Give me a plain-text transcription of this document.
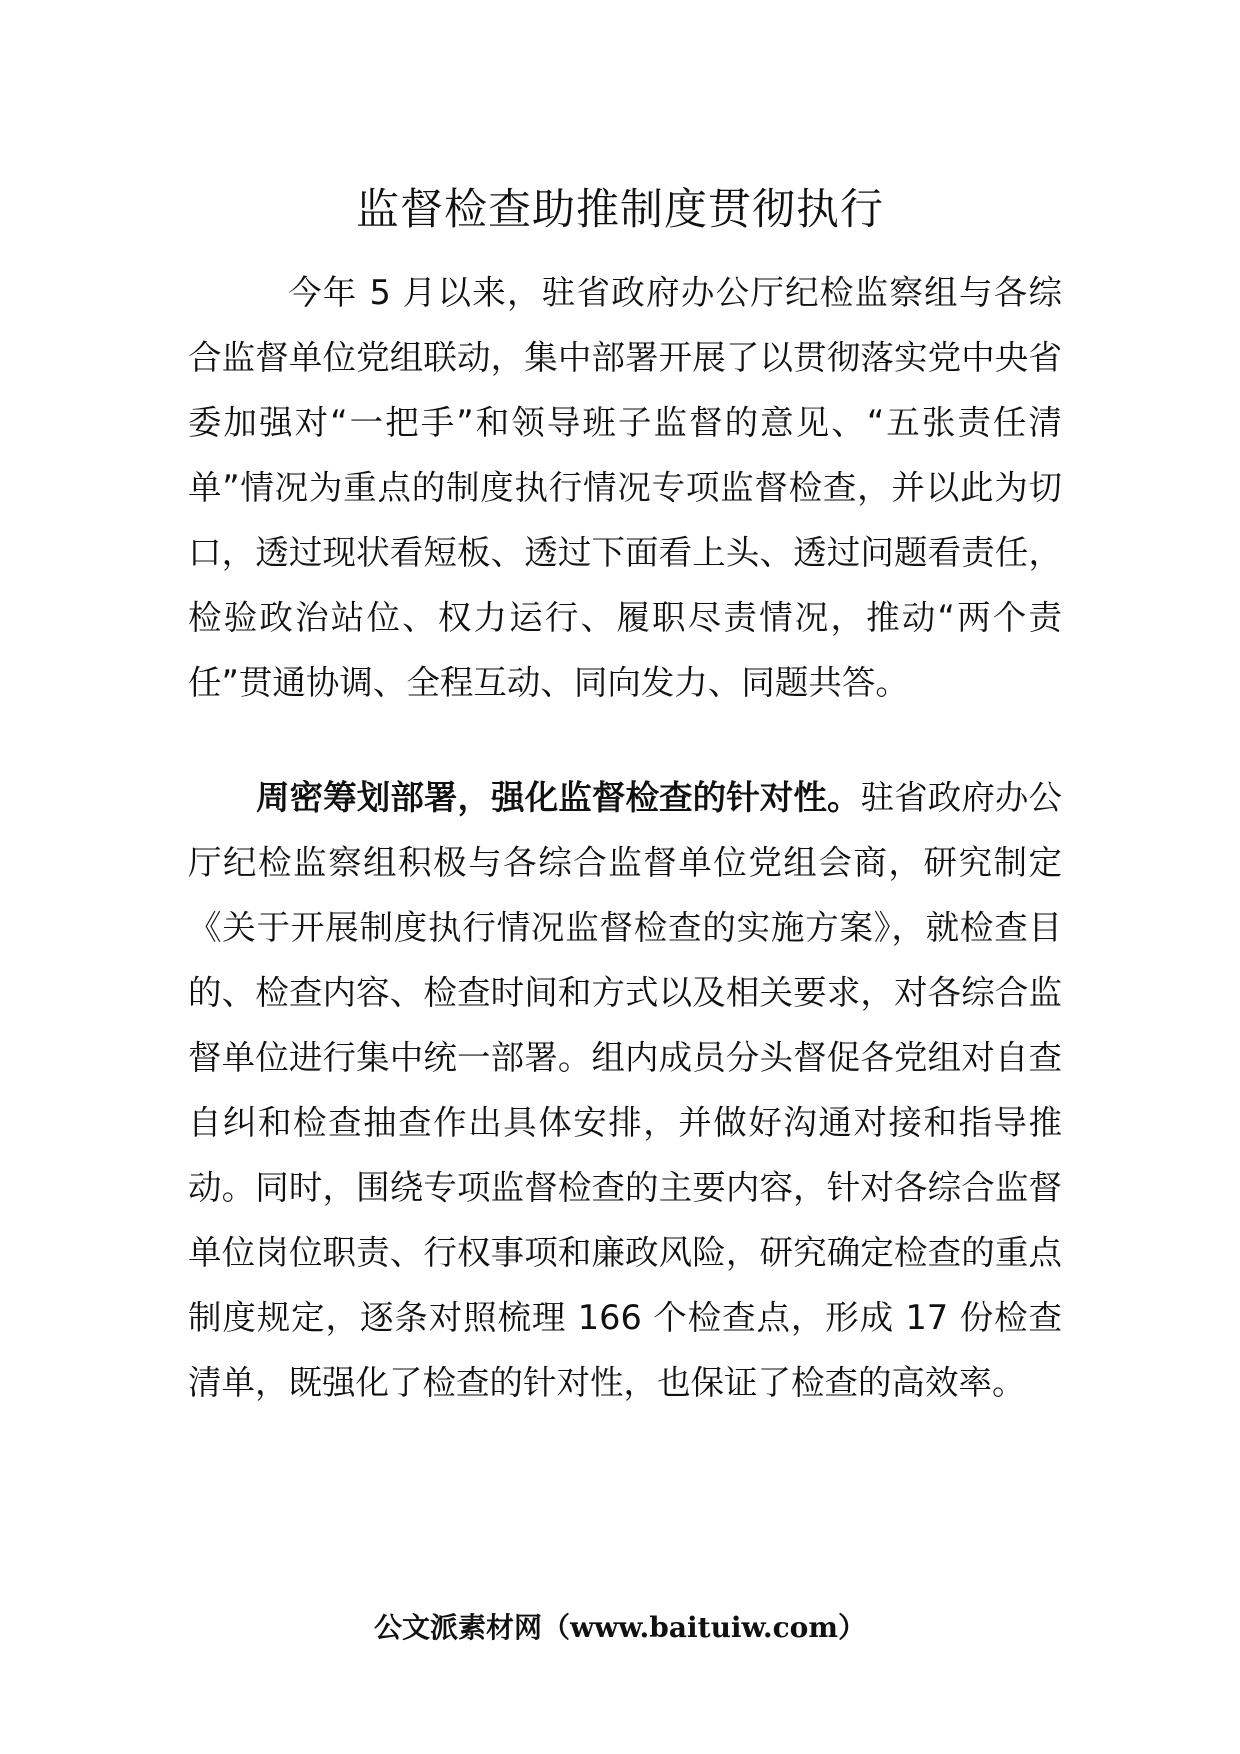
监督检查助推制度贯彻执行

今年 5 月以来，驻省政府办公厅纪检监察组与各综合监督单位党组联动，集中部署开展了以贯彻落实党中央省委加强对“一把手”和领导班子监督的意见、“五张责任清单”情况为重点的制度执行情况专项监督检查，并以此为切口，透过现状看短板、透过下面看上头、透过问题看责任，检验政治站位、权力运行、履职尽责情况，推动“两个责任”贯通协调、全程互动、同向发力、同题共答。

周密筹划部署，强化监督检查的针对性。驻省政府办公厅纪检监察组积极与各综合监督单位党组会商，研究制定《关于开展制度执行情况监督检查的实施方案》，就检查目的、检查内容、检查时间和方式以及相关要求，对各综合监督单位进行集中统一部署。组内成员分头督促各党组对自查自纠和检查抽查作出具体安排，并做好沟通对接和指导推动。同时，围绕专项监督检查的主要内容，针对各综合监督单位岗位职责、行权事项和廉政风险，研究确定检查的重点制度规定，逐条对照梳理 166 个检查点，形成 17 份检查清单，既强化了检查的针对性，也保证了检查的高效率。

公文派素材网（www.baituiw.com）
